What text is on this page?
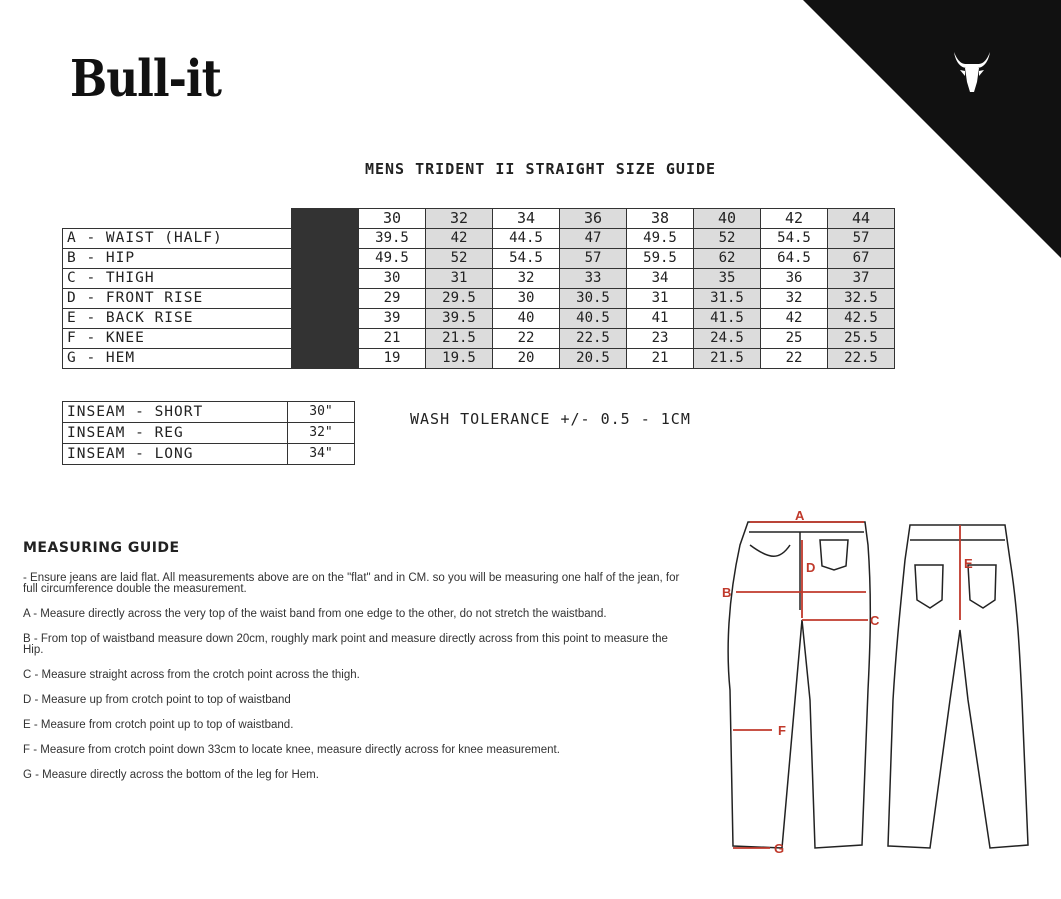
Bull-it
MENS TRIDENT II STRAIGHT SIZE GUIDE
		30	32	34	36	38	40	42	44
A - WAIST (HALF)		39.5	42	44.5	47	49.5	52	54.5	57
B - HIP		49.5	52	54.5	57	59.5	62	64.5	67
C - THIGH		30	31	32	33	34	35	36	37
D - FRONT RISE		29	29.5	30	30.5	31	31.5	32	32.5
E - BACK RISE		39	39.5	40	40.5	41	41.5	42	42.5
F - KNEE		21	21.5	22	22.5	23	24.5	25	25.5
G - HEM		19	19.5	20	20.5	21	21.5	22	22.5
INSEAM - SHORT	30"
INSEAM - REG	32"
INSEAM - LONG	34"
WASH TOLERANCE +/- 0.5 - 1CM
MEASURING GUIDE

- Ensure jeans are laid flat. All measurements above are on the "flat" and in CM. so you will be measuring one half of the jean, for full circumference double the measurement.

A - Measure directly across the very top of the waist band from one edge to the other, do not stretch the waistband.

B - From top of waistband measure down 20cm, roughly mark point and measure directly across from this point to measure the Hip.

C - Measure straight across from the crotch point across the thigh.

D - Measure up from crotch point to top of waistband

E - Measure from crotch point up to top of waistband.

F - Measure from crotch point down 33cm to locate knee, measure directly across for knee measurement.

G - Measure directly across the bottom of the leg for Hem.

A
B
C
D	E
F
G
